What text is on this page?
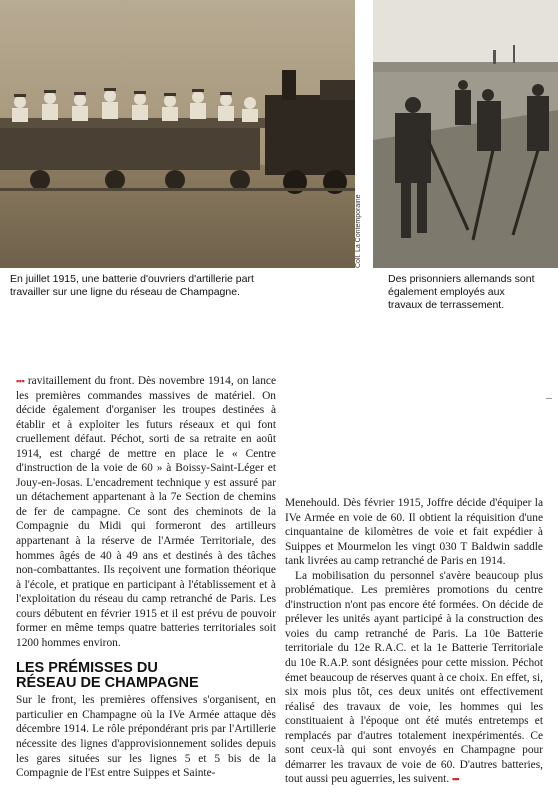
Coll. La Contemporaine
En juillet 1915, une batterie d'ouvriers d'artillerie part travailler sur une ligne du réseau de Champagne.
Des prisonniers allemands sont également employés aux travaux de terrassement.

▪▪▪ ravitaillement du front. Dès novembre 1914, on lance les premières commandes massives de matériel. On décide également d'organiser les troupes destinées à établir et à exploiter les futurs réseaux et qui font cruellement défaut. Péchot, sorti de sa retraite en août 1914, est chargé de mettre en place le « Centre d'instruction de la voie de 60 » à Boissy-Saint-Léger et Jouy-en-Josas. L'encadrement technique y est assuré par un détachement appartenant à la 7e Section de chemins de fer de campagne. Ce sont des cheminots de la Compagnie du Midi qui formeront des artilleurs appartenant à la réserve de l'Armée Territoriale, des hommes âgés de 40 à 49 ans et destinés à des tâches non-combattantes. Ils reçoivent une formation théorique à l'école, et pratique en participant à l'établissement et à l'exploitation du réseau du camp retranché de Paris. Les cours débutent en février 1915 et il est prévu de pouvoir former en même temps quatre batteries territoriales soit 1200 hommes environ.

LES PRÉMISSES DU
RÉSEAU DE CHAMPAGNE

Sur le front, les premières offensives s'organisent, en particulier en Champagne où la IVe Armée attaque dès décembre 1914. Le rôle prépondérant pris par l'Artillerie nécessite des lignes d'approvisionnement solides depuis les gares situées sur les lignes 5 et 5 bis de la Compagnie de l'Est entre Suippes et Sainte-

Menehould. Dès février 1915, Joffre décide d'équiper la IVe Armée en voie de 60. Il obtient la réquisition d'une cinquantaine de kilomètres de voie et fait expédier à Suippes et Mourmelon les vingt 030 T Baldwin saddle tank livrées au camp retranché de Paris en 1914.

La mobilisation du personnel s'avère beaucoup plus problématique. Les premières promotions du centre d'instruction n'ont pas encore été formées. On décide de prélever les unités ayant participé à la construction des voies du camp retranché de Paris. La 10e Batterie territoriale du 12e R.A.C. et la 1e Batterie Territoriale du 10e R.A.P. sont désignées pour cette mission. Péchot émet beaucoup de réserves quant à ce choix. En effet, si, six mois plus tôt, ces deux unités ont effectivement réalisé des travaux de voie, les hommes qui les constituaient à l'époque ont été mutés entretemps et remplacés par d'autres totalement inexpérimentés. Ce sont ceux-là qui sont envoyés en Champagne pour démarrer les travaux de voie de 60. D'autres batteries, tout aussi peu aguerries, les suivent. ▪▪▪
